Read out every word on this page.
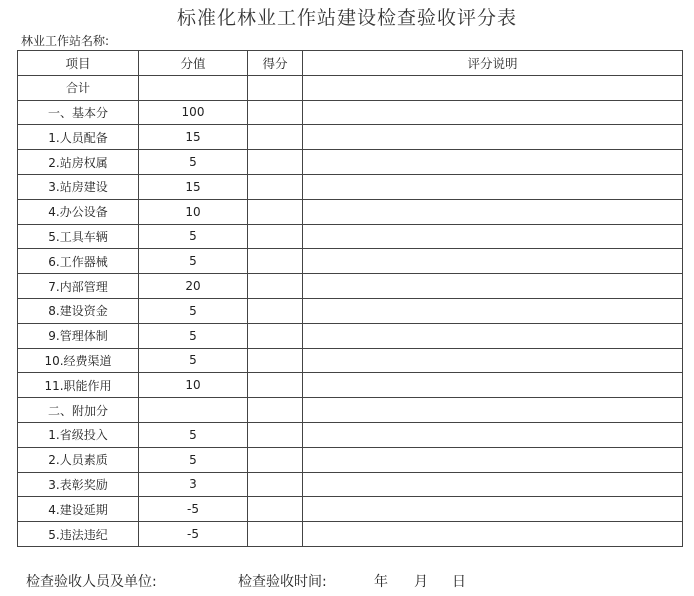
标准化林业工作站建设检查验收评分表
林业工作站名称:
项目	分值	得分	评分说明
合计			
一、基本分	100		
1.人员配备	15		
2.站房权属	5		
3.站房建设	15		
4.办公设备	10		
5.工具车辆	5		
6.工作器械	5		
7.内部管理	20		
8.建设资金	5		
9.管理体制	5		
10.经费渠道	5		
11.职能作用	10		
二、附加分			
1.省级投入	5		
2.人员素质	5		
3.表彰奖励	3		
4.建设延期	-5		
5.违法违纪	-5		
检查验收人员及单位:	检查验收时间:	年 月 日
